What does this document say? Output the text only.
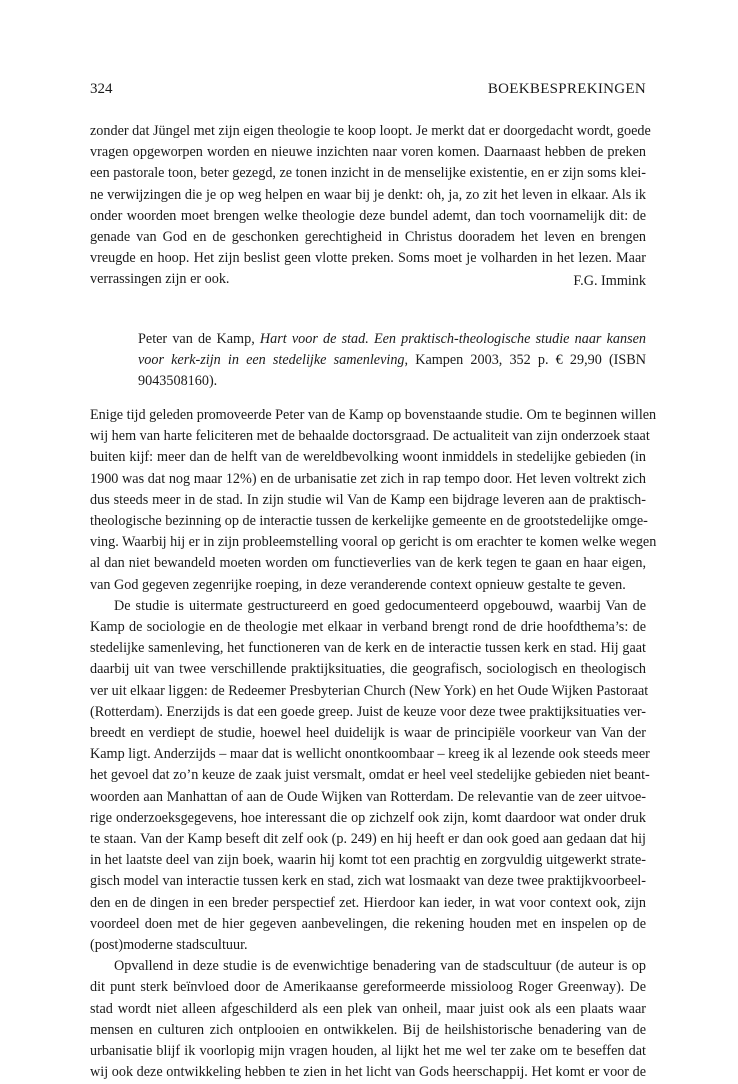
324	BOEKBESPREKINGEN
zonder dat Jüngel met zijn eigen theologie te koop loopt. Je merkt dat er doorgedacht wordt, goede
vragen opgeworpen worden en nieuwe inzichten naar voren komen. Daarnaast hebben de preken
een pastorale toon, beter gezegd, ze tonen inzicht in de menselijke existentie, en er zijn soms klei-
ne verwijzingen die je op weg helpen en waar bij je denkt: oh, ja, zo zit het leven in elkaar. Als ik
onder woorden moet brengen welke theologie deze bundel ademt, dan toch voornamelijk dit: de
genade van God en de geschonken gerechtigheid in Christus dooradem het leven en brengen
vreugde en hoop. Het zijn beslist geen vlotte preken. Soms moet je volharden in het lezen. Maar
verrassingen zijn er ook.	F.G. Immink
Peter van de Kamp, Hart voor de stad. Een praktisch-theologische studie naar kansen
voor kerk-zijn in een stedelijke samenleving, Kampen 2003, 352 p. € 29,90 (ISBN
9043508160).
Enige tijd geleden promoveerde Peter van de Kamp op bovenstaande studie. Om te beginnen willen
wij hem van harte feliciteren met de behaalde doctorsgraad. De actualiteit van zijn onderzoek staat
buiten kijf: meer dan de helft van de wereldbevolking woont inmiddels in stedelijke gebieden (in
1900 was dat nog maar 12%) en de urbanisatie zet zich in rap tempo door. Het leven voltrekt zich
dus steeds meer in de stad. In zijn studie wil Van de Kamp een bijdrage leveren aan de praktisch-
theologische bezinning op de interactie tussen de kerkelijke gemeente en de grootstedelijke omge-
ving. Waarbij hij er in zijn probleemstelling vooral op gericht is om erachter te komen welke wegen
al dan niet bewandeld moeten worden om functieverlies van de kerk tegen te gaan en haar eigen,
van God gegeven zegenrijke roeping, in deze veranderende context opnieuw gestalte te geven.
De studie is uitermate gestructureerd en goed gedocumenteerd opgebouwd, waarbij Van de
Kamp de sociologie en de theologie met elkaar in verband brengt rond de drie hoofdthema’s: de
stedelijke samenleving, het functioneren van de kerk en de interactie tussen kerk en stad. Hij gaat
daarbij uit van twee verschillende praktijksituaties, die geografisch, sociologisch en theologisch
ver uit elkaar liggen: de Redeemer Presbyterian Church (New York) en het Oude Wijken Pastoraat
(Rotterdam). Enerzijds is dat een goede greep. Juist de keuze voor deze twee praktijksituaties ver-
breedt en verdiept de studie, hoewel heel duidelijk is waar de principiële voorkeur van Van der
Kamp ligt. Anderzijds – maar dat is wellicht onontkoombaar – kreeg ik al lezende ook steeds meer
het gevoel dat zo’n keuze de zaak juist versmalt, omdat er heel veel stedelijke gebieden niet beant-
woorden aan Manhattan of aan de Oude Wijken van Rotterdam. De relevantie van de zeer uitvoe-
rige onderzoeksgegevens, hoe interessant die op zichzelf ook zijn, komt daardoor wat onder druk
te staan. Van der Kamp beseft dit zelf ook (p. 249) en hij heeft er dan ook goed aan gedaan dat hij
in het laatste deel van zijn boek, waarin hij komt tot een prachtig en zorgvuldig uitgewerkt strate-
gisch model van interactie tussen kerk en stad, zich wat losmaakt van deze twee praktijkvoorbeel-
den en de dingen in een breder perspectief zet. Hierdoor kan ieder, in wat voor context ook, zijn
voordeel doen met de hier gegeven aanbevelingen, die rekening houden met en inspelen op de
(post)moderne stadscultuur.
Opvallend in deze studie is de evenwichtige benadering van de stadscultuur (de auteur is op
dit punt sterk beïnvloed door de Amerikaanse gereformeerde missioloog Roger Greenway). De
stad wordt niet alleen afgeschilderd als een plek van onheil, maar juist ook als een plaats waar
mensen en culturen zich ontplooien en ontwikkelen. Bij de heilshistorische benadering van de
urbanisatie blijf ik voorlopig mijn vragen houden, al lijkt het me wel ter zake om te beseffen dat
wij ook deze ontwikkeling hebben te zien in het licht van Gods heerschappij. Het komt er voor de
